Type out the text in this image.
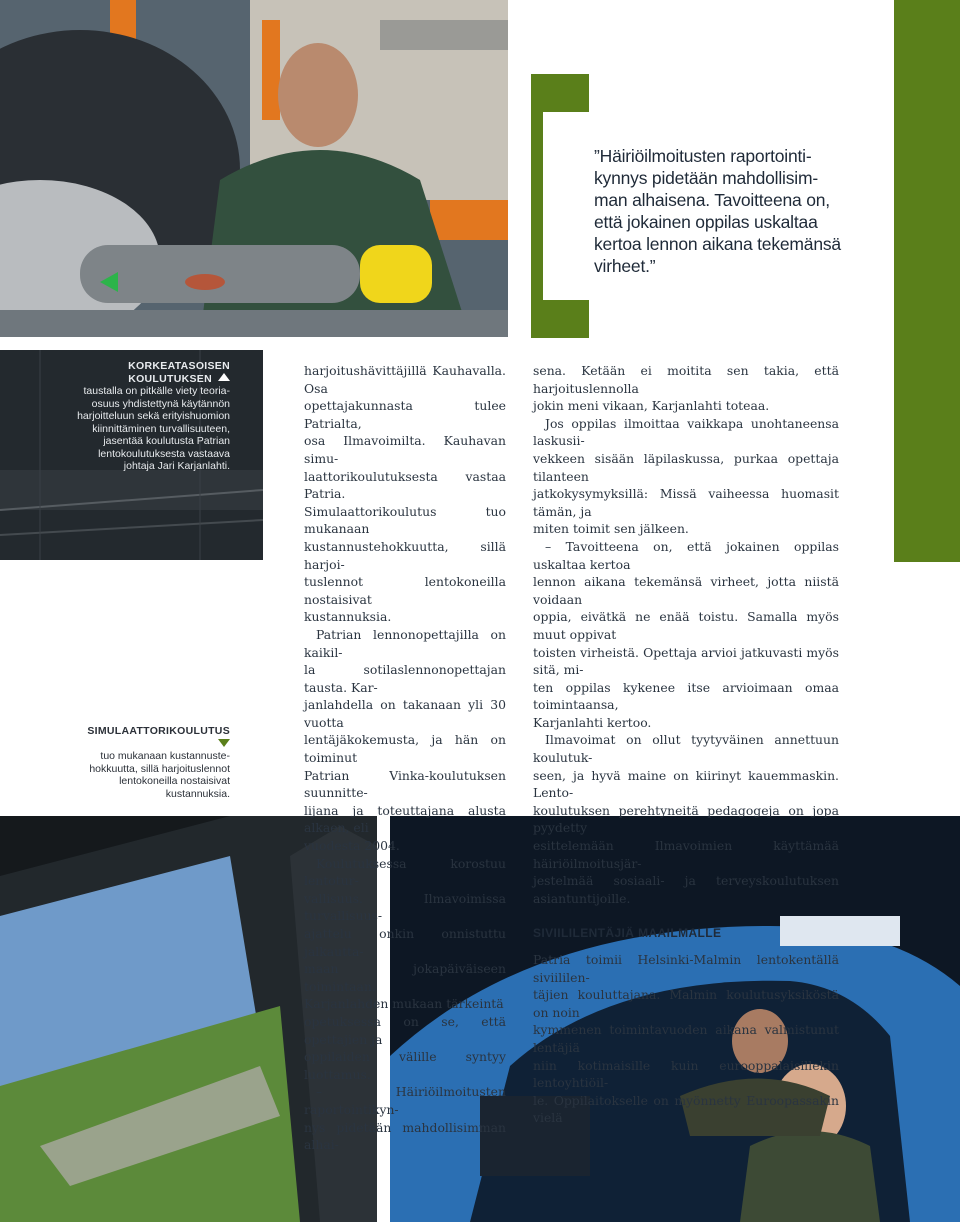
”Häiriöilmoitusten raportointi-
kynnys pidetään mahdollisim-
man alhaisena. Tavoitteena on,
että jokainen oppilas uskaltaa
kertoa lennon aikana tekemänsä
virheet.”
KORKEATASOISEN KOULUTUKSEN
taustalla on pitkälle viety teoria-
osuus yhdistettynä käytännön
harjoitteluun sekä erityishuomion
kiinnittäminen turvallisuuteen,
jasentää koulutusta Patrian
lentokoulutuksesta vastaava
johtaja Jari Karjanlahti.
SIMULAATTORIKOULUTUS
tuo mukanaan kustannuste-
hokkuutta, sillä harjoituslennot
lentokoneilla nostaisivat
kustannuksia.

harjoitushävittäjillä Kauhavalla. Osa
opettajakunnasta tulee Patrialta,
osa Ilmavoimilta. Kauhavan simu-
laattorikoulutuksesta vastaa Patria.
Simulaattorikoulutus tuo mukanaan
kustannustehokkuutta, sillä harjoi-
tuslennot lentokoneilla nostaisivat
kustannuksia.

Patrian lennonopettajilla on kaikil-
la sotilaslennonopettajan tausta. Kar-
janlahdella on takanaan yli 30 vuotta
lentäjäkokemusta, ja hän on toiminut
Patrian Vinka-koulutuksen suunnitte-
lijana ja toteuttajana alusta alkaen, eli
vuodesta 2004.

Koulutuksessa korostuu lentotur-
vallisuus. Ilmavoimissa turvallisuus-
ajattelu onkin onnistuttu jalkautta-
maan jokapäiväiseen toimintaan.
Karjanlahden mukaan tärkeintä
opetuksessa on se, että opettajien ja
oppilaiden välille syntyy luottamus.

– Häiriöilmoitusten raportointikyn-
nys pidetään mahdollisimman alhai-

sena. Ketään ei moitita sen takia, että harjoituslennolla
jokin meni vikaan, Karjanlahti toteaa.

Jos oppilas ilmoittaa vaikkapa unohtaneensa laskusii-
vekkeen sisään läpilaskussa, purkaa opettaja tilanteen
jatkokysymyksillä: Missä vaiheessa huomasit tämän, ja
miten toimit sen jälkeen.

– Tavoitteena on, että jokainen oppilas uskaltaa kertoa
lennon aikana tekemänsä virheet, jotta niistä voidaan
oppia, eivätkä ne enää toistu. Samalla myös muut oppivat
toisten virheistä. Opettaja arvioi jatkuvasti myös sitä, mi-
ten oppilas kykenee itse arvioimaan omaa toimintaansa,
Karjanlahti kertoo.

Ilmavoimat on ollut tyytyväinen annettuun koulutuk-
seen, ja hyvä maine on kiirinyt kauemmaskin. Lento-
koulutuksen perehtyneitä pedagogeja on jopa pyydetty
esittelemään Ilmavoimien käyttämää häiriöilmoitusjär-
jestelmää sosiaali- ja terveyskoulutuksen asiantuntijoille.

SIVIILILENTÄJIÄ MAAILMALLE

Patria toimii Helsinki-Malmin lentokentällä siviililen-
täjien kouluttajana. Malmin koulutusyksiköstä on noin
kymmenen toimintavuoden aikana valmistunut lentäjiä
niin kotimaisille kuin eurooppalaisillekin lentoyhtiöil-
le. Oppilaitokselle on myönnetty Euroopassakin vielä
